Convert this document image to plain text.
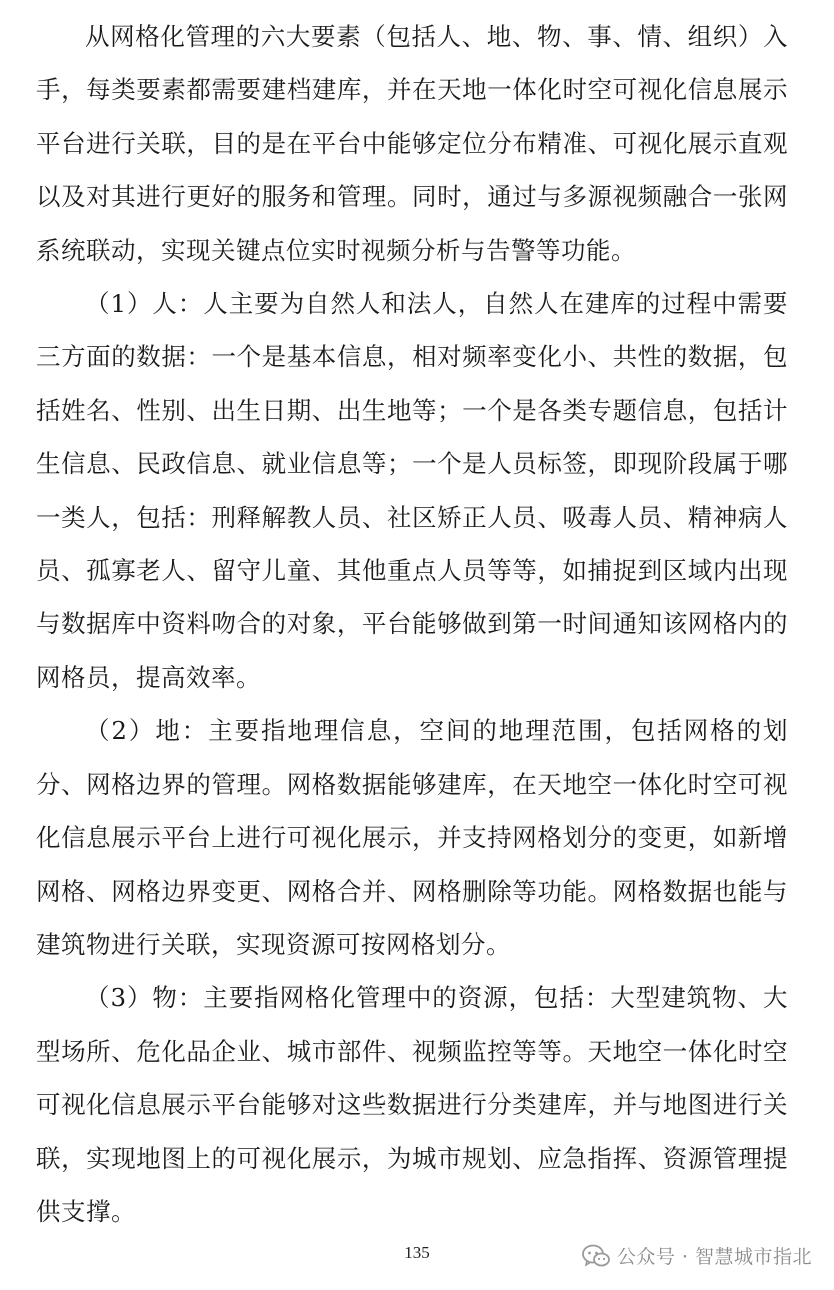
从网格化管理的六大要素（包括人、地、物、事、情、组织）入手，每类要素都需要建档建库，并在天地一体化时空可视化信息展示平台进行关联，目的是在平台中能够定位分布精准、可视化展示直观以及对其进行更好的服务和管理。同时，通过与多源视频融合一张网系统联动，实现关键点位实时视频分析与告警等功能。

（1）人：人主要为自然人和法人，自然人在建库的过程中需要三方面的数据：一个是基本信息，相对频率变化小、共性的数据，包括姓名、性别、出生日期、出生地等；一个是各类专题信息，包括计生信息、民政信息、就业信息等；一个是人员标签，即现阶段属于哪一类人，包括：刑释解教人员、社区矫正人员、吸毒人员、精神病人员、孤寡老人、留守儿童、其他重点人员等等，如捕捉到区域内出现与数据库中资料吻合的对象，平台能够做到第一时间通知该网格内的网格员，提高效率。

（2）地：主要指地理信息，空间的地理范围，包括网格的划分、网格边界的管理。网格数据能够建库，在天地空一体化时空可视化信息展示平台上进行可视化展示，并支持网格划分的变更，如新增网格、网格边界变更、网格合并、网格删除等功能。网格数据也能与建筑物进行关联，实现资源可按网格划分。

（3）物：主要指网格化管理中的资源，包括：大型建筑物、大型场所、危化品企业、城市部件、视频监控等等。天地空一体化时空可视化信息展示平台能够对这些数据进行分类建库，并与地图进行关联，实现地图上的可视化展示，为城市规划、应急指挥、资源管理提供支撑。

135	公众号 · 智慧城市指北
